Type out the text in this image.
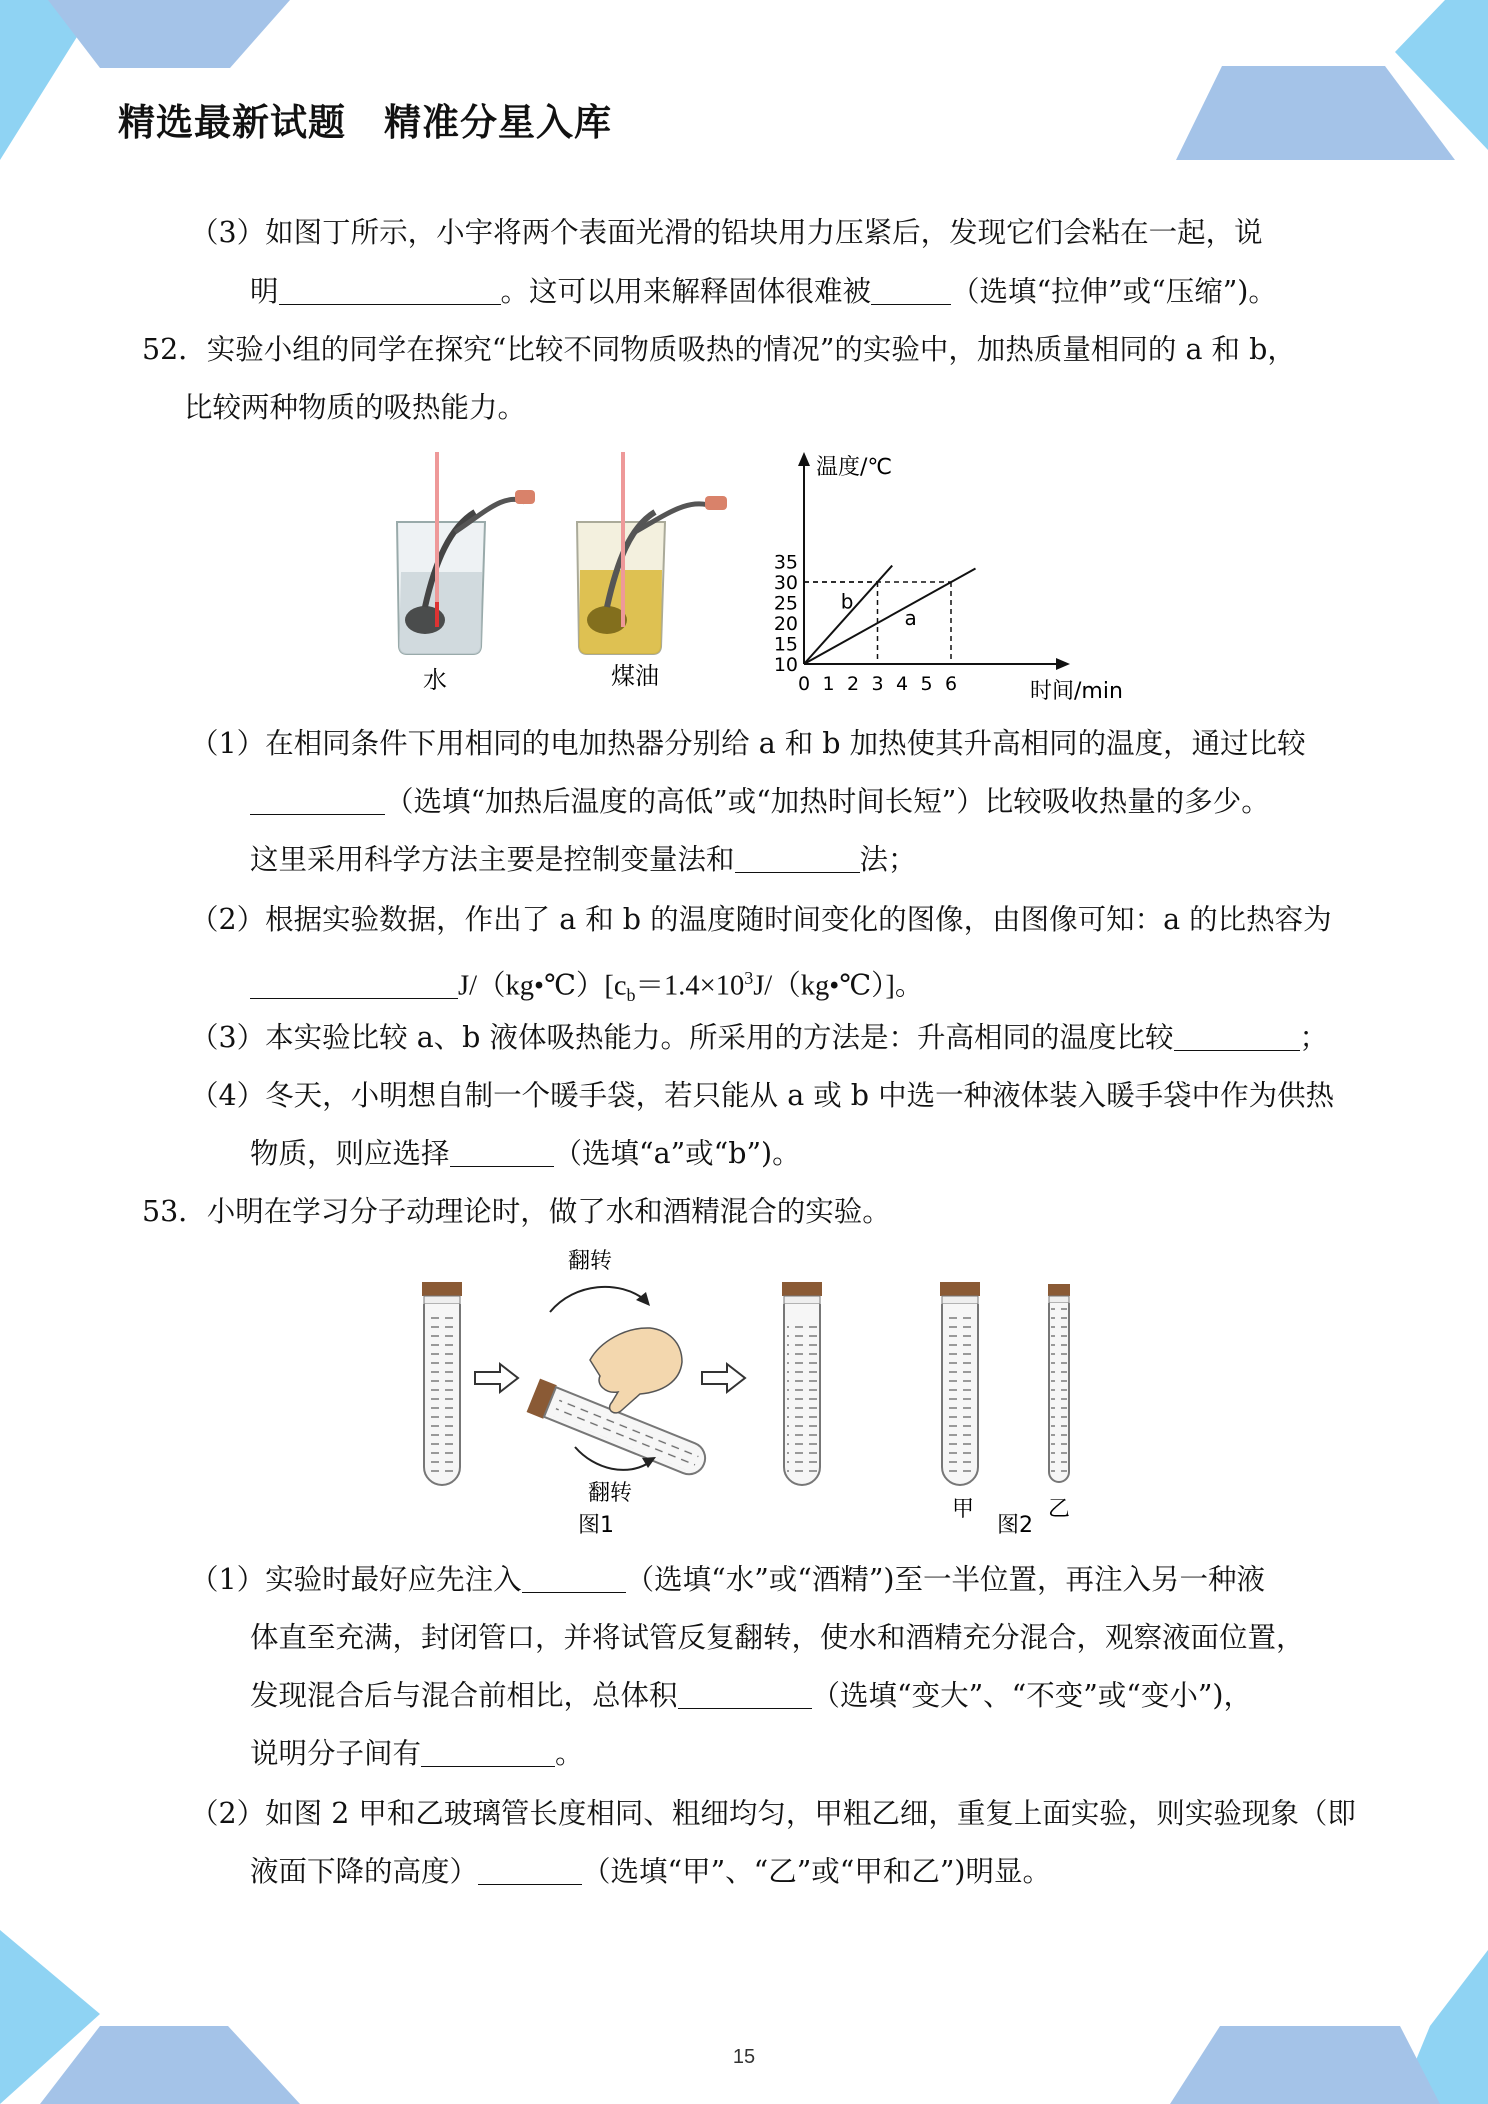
精选最新试题　精准分星入库
（3）如图丁所示，小宇将两个表面光滑的铅块用力压紧后，发现它们会粘在一起，说
明	。这可以用来解释固体很难被	（选填“拉伸”或“压缩”)。
52．实验小组的同学在探究“比较不同物质吸热的情况”的实验中，加热质量相同的 a 和 b，
比较两种物质的吸热能力。
水	煤油
温度/℃
时间/min
0 1 2 3 4 5 6
10
15
20
25
30
35
a
b
（1）在相同条件下用相同的电加热器分别给 a 和 b 加热使其升高相同的温度，通过比较
（选填“加热后温度的高低”或“加热时间长短”）比较吸收热量的多少。
这里采用科学方法主要是控制变量法和	法；
（2）根据实验数据，作出了 a 和 b 的温度随时间变化的图像，由图像可知：a 的比热容为
$J/(kg•℃)[c_b=1.4\times 10^3J/(kg•℃)]$。
（3）本实验比较 a、b 液体吸热能力。所采用的方法是：升高相同的温度比较	；
（4）冬天，小明想自制一个暖手袋，若只能从 a 或 b 中选一种液体装入暖手袋中作为供热
物质，则应选择	（选填“a”或“b”)。
53．小明在学习分子动理论时，做了水和酒精混合的实验。
翻转
翻转
图1
甲
图2
乙
（1）实验时最好应先注入	（选填“水”或“酒精”)至一半位置，再注入另一种液
体直至充满，封闭管口，并将试管反复翻转，使水和酒精充分混合，观察液面位置，
发现混合后与混合前相比，总体积	（选填“变大”、“不变”或“变小”)，
说明分子间有	。
（2）如图 2 甲和乙玻璃管长度相同、粗细均匀，甲粗乙细，重复上面实验，则实验现象（即
液面下降的高度）	（选填“甲”、“乙”或“甲和乙”)明显。
15
